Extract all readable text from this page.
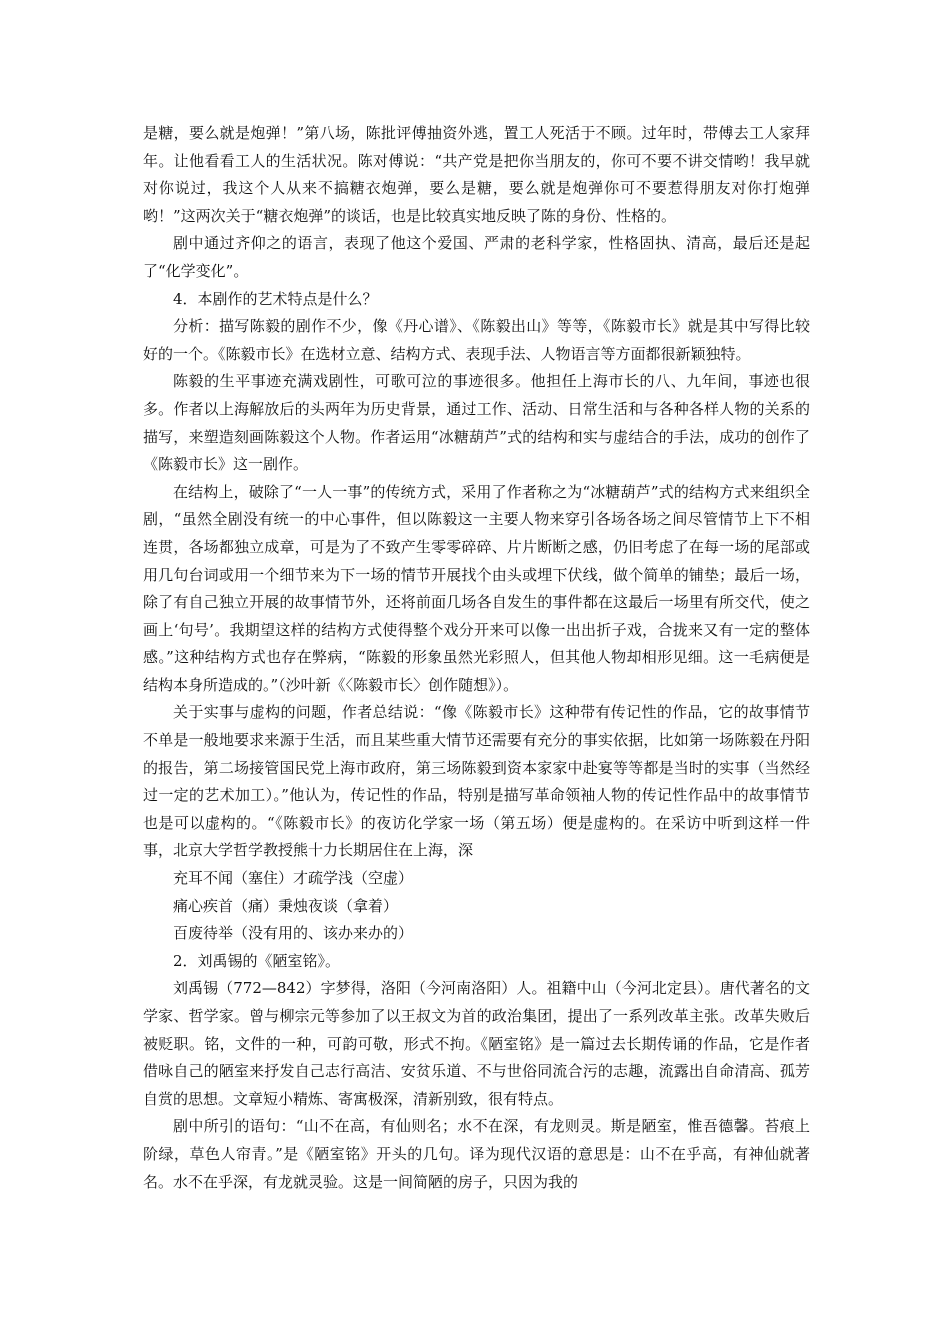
是糖，要么就是炮弹！”第八场，陈批评傅抽资外逃，置工人死活于不顾。过年时，带傅去工人家拜年。让他看看工人的生活状况。陈对傅说：“共产党是把你当朋友的，你可不要不讲交情哟！我早就对你说过，我这个人从来不搞糖衣炮弹，要么是糖，要么就是炮弹你可不要惹得朋友对你打炮弹哟！”这两次关于“糖衣炮弹”的谈话，也是比较真实地反映了陈的身份、性格的。

剧中通过齐仰之的语言，表现了他这个爱国、严肃的老科学家，性格固执、清高，最后还是起了“化学变化”。

4．本剧作的艺术特点是什么？

分析：描写陈毅的剧作不少，像《丹心谱》、《陈毅出山》等等，《陈毅市长》就是其中写得比较好的一个。《陈毅市长》在选材立意、结构方式、表现手法、人物语言等方面都很新颖独特。

陈毅的生平事迹充满戏剧性，可歌可泣的事迹很多。他担任上海市长的八、九年间，事迹也很多。作者以上海解放后的头两年为历史背景，通过工作、活动、日常生活和与各种各样人物的关系的描写，来塑造刻画陈毅这个人物。作者运用“冰糖葫芦”式的结构和实与虚结合的手法，成功的创作了《陈毅市长》这一剧作。

在结构上，破除了“一人一事”的传统方式，采用了作者称之为“冰糖葫芦”式的结构方式来组织全剧，“虽然全剧没有统一的中心事件，但以陈毅这一主要人物来穿引各场各场之间尽管情节上下不相连贯，各场都独立成章，可是为了不致产生零零碎碎、片片断断之感，仍旧考虑了在每一场的尾部或用几句台词或用一个细节来为下一场的情节开展找个由头或埋下伏线，做个简单的铺垫；最后一场，除了有自己独立开展的故事情节外，还将前面几场各自发生的事件都在这最后一场里有所交代，使之画上‘句号’。我期望这样的结构方式使得整个戏分开来可以像一出出折子戏，合拢来又有一定的整体感。”这种结构方式也存在弊病，“陈毅的形象虽然光彩照人，但其他人物却相形见细。这一毛病便是结构本身所造成的。”（沙叶新《〈陈毅市长〉创作随想》）。

关于实事与虚构的问题，作者总结说：“像《陈毅市长》这种带有传记性的作品，它的故事情节不单是一般地要求来源于生活，而且某些重大情节还需要有充分的事实依据，比如第一场陈毅在丹阳的报告，第二场接管国民党上海市政府，第三场陈毅到资本家家中赴宴等等都是当时的实事（当然经过一定的艺术加工）。”他认为，传记性的作品，特别是描写革命领袖人物的传记性作品中的故事情节也是可以虚构的。“《陈毅市长》的夜访化学家一场（第五场）便是虚构的。在采访中听到这样一件事，北京大学哲学教授熊十力长期居住在上海，深

充耳不闻（塞住）才疏学浅（空虚）

痛心疾首（痛）秉烛夜谈（拿着）

百废待举（没有用的、该办来办的）

2．刘禹锡的《陋室铭》。

刘禹锡（772—842）字梦得，洛阳（今河南洛阳）人。祖籍中山（今河北定县）。唐代著名的文学家、哲学家。曾与柳宗元等参加了以王叔文为首的政治集团，提出了一系列改革主张。改革失败后被贬职。铭，文件的一种，可韵可敬，形式不拘。《陋室铭》是一篇过去长期传诵的作品，它是作者借咏自己的陋室来抒发自己志行高洁、安贫乐道、不与世俗同流合污的志趣，流露出自命清高、孤芳自赏的思想。文章短小精炼、寄寓极深，清新别致，很有特点。

剧中所引的语句：“山不在高，有仙则名；水不在深，有龙则灵。斯是陋室，惟吾德馨。苔痕上阶绿，草色人帘青。”是《陋室铭》开头的几句。译为现代汉语的意思是：山不在乎高，有神仙就著名。水不在乎深，有龙就灵验。这是一间简陋的房子，只因为我的
